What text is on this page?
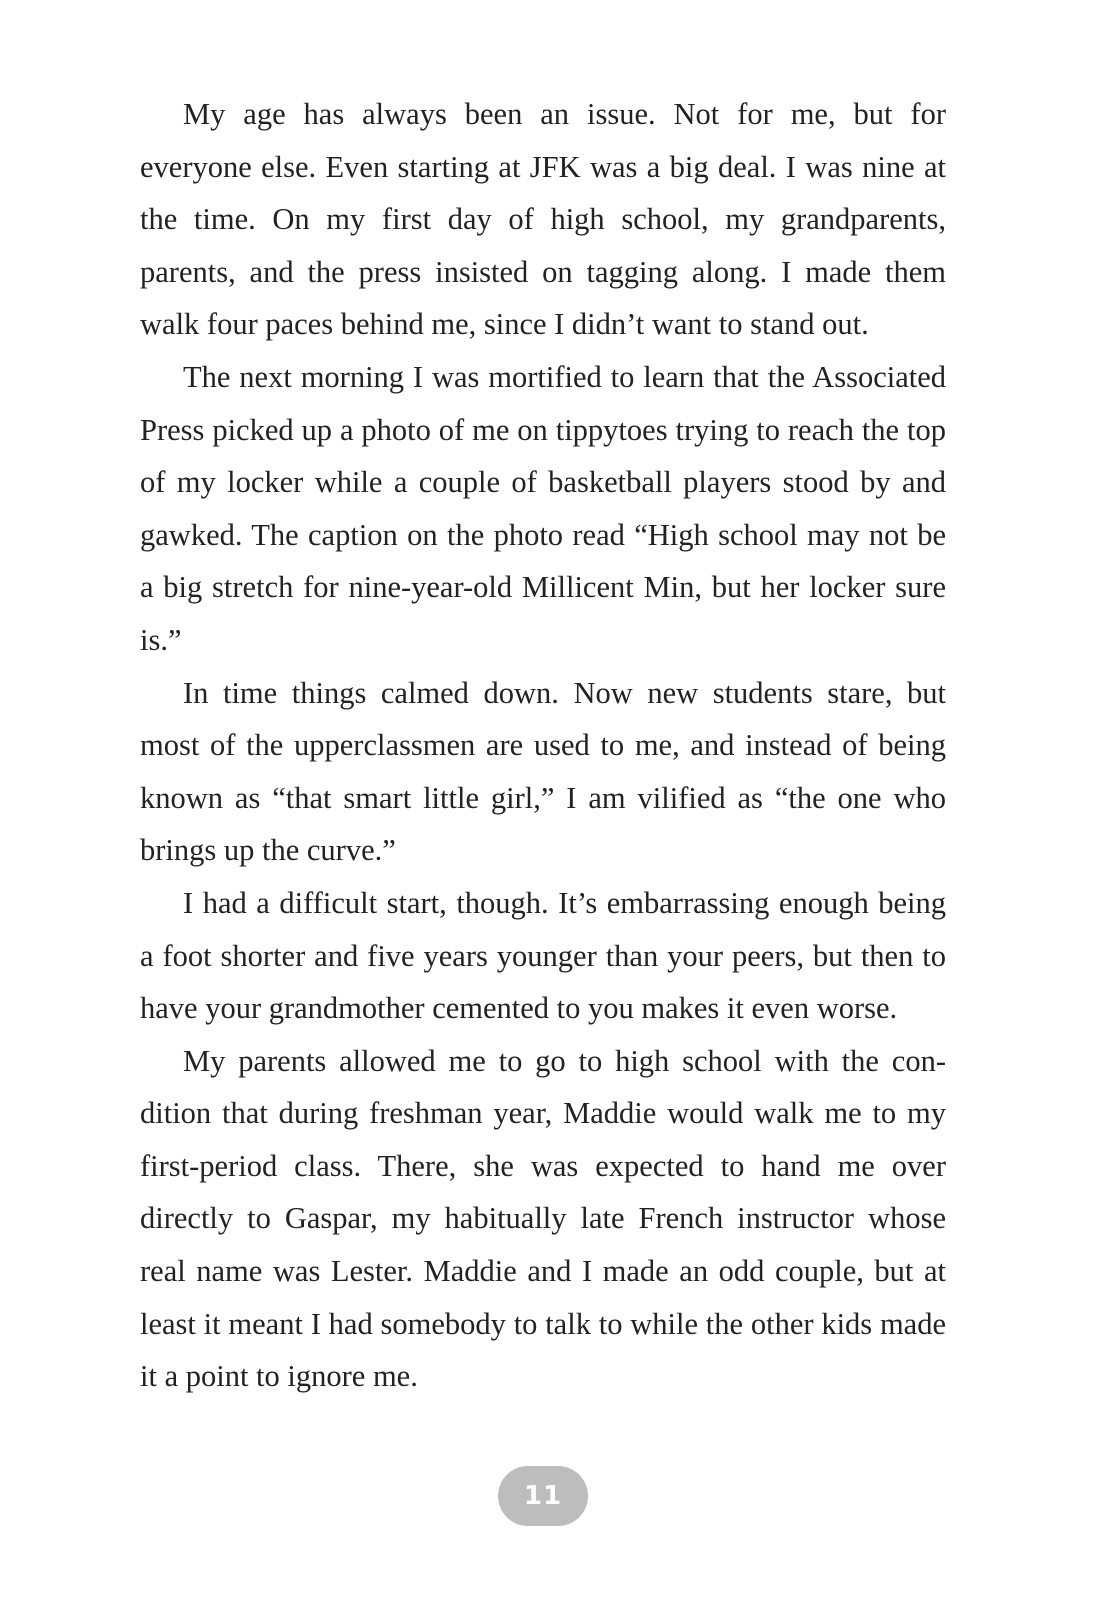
My age has always been an issue. Not for me, but for everyone else. Even starting at JFK was a big deal. I was nine at the time. On my first day of high school, my grandparents, parents, and the press insisted on tagging along. I made them walk four paces behind me, since I didn’t want to stand out.

The next morning I was mortified to learn that the Associated Press picked up a photo of me on tippytoes trying to reach the top of my locker while a couple of basketball players stood by and gawked. The caption on the photo read “High school may not be a big stretch for nine-year-old Millicent Min, but her locker sure is.”

In time things calmed down. Now new students stare, but most of the upperclassmen are used to me, and instead of being known as “that smart little girl,” I am vilified as “the one who brings up the curve.”

I had a difficult start, though. It’s embarrassing enough being a foot shorter and five years younger than your peers, but then to have your grandmother cemented to you makes it even worse.

My parents allowed me to go to high school with the condition that during freshman year, Maddie would walk me to my first-period class. There, she was expected to hand me over directly to Gaspar, my habitually late French instructor whose real name was Lester. Maddie and I made an odd couple, but at least it meant I had somebody to talk to while the other kids made it a point to ignore me.

11
